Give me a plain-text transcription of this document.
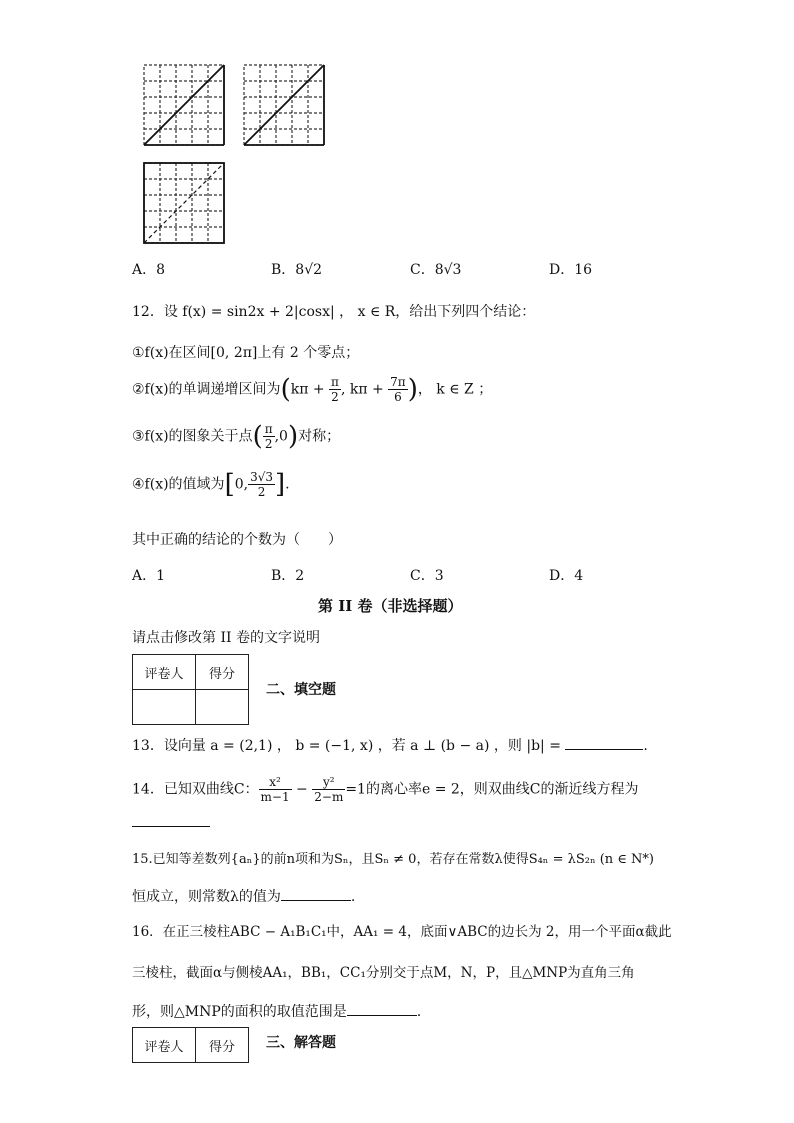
A．8	B．8√2	C．8√3	D．16
12．设 f(x) = sin2x + 2|cosx| ， x ∈ R，给出下列四个结论：
①f(x)在区间[0, 2π]上有 2 个零点；
②f(x)的单调递增区间为($k\pi + \frac{\pi}{2}$ , $k\pi + \frac{7\pi}{6}$ )， k ∈ Z ；
③f(x)的图象关于点( $\frac{\pi}{2} ,0$)对称；
④f(x)的值域为[0, $\frac{3√3}{2}$ ].
其中正确的结论的个数为（　　）
A．1	B．2	C．3	D．4
第 II 卷（非选择题）
请点击修改第 II 卷的文字说明
评卷人	得分

二、填空题
13．设向量 a = (2,1) ， b = (−1, x) ，若 a ⊥ (b − a) ，则 |b| =	.
14．已知双曲线C： $\frac{\text{x²}}{m-1} - \frac{\text{y²}}{2-m} =1$的离心率e = 2，则双曲线C的渐近线方程为
15.已知等差数列{aₙ}的前n项和为Sₙ，且Sₙ ≠ 0，若存在常数λ使得S₄ₙ = λS₂ₙ (n ∈ N*)
恒成立，则常数λ的值为	.
16．在正三棱柱ABC − A₁B₁C₁中，AA₁ = 4，底面∨ABC的边长为 2，用一个平面α截此
三棱柱，截面α与侧棱AA₁，BB₁，CC₁分别交于点M，N，P，且△MNP为直角三角
形，则△MNP的面积的取值范围是	.
评卷人	得分 三、解答题
